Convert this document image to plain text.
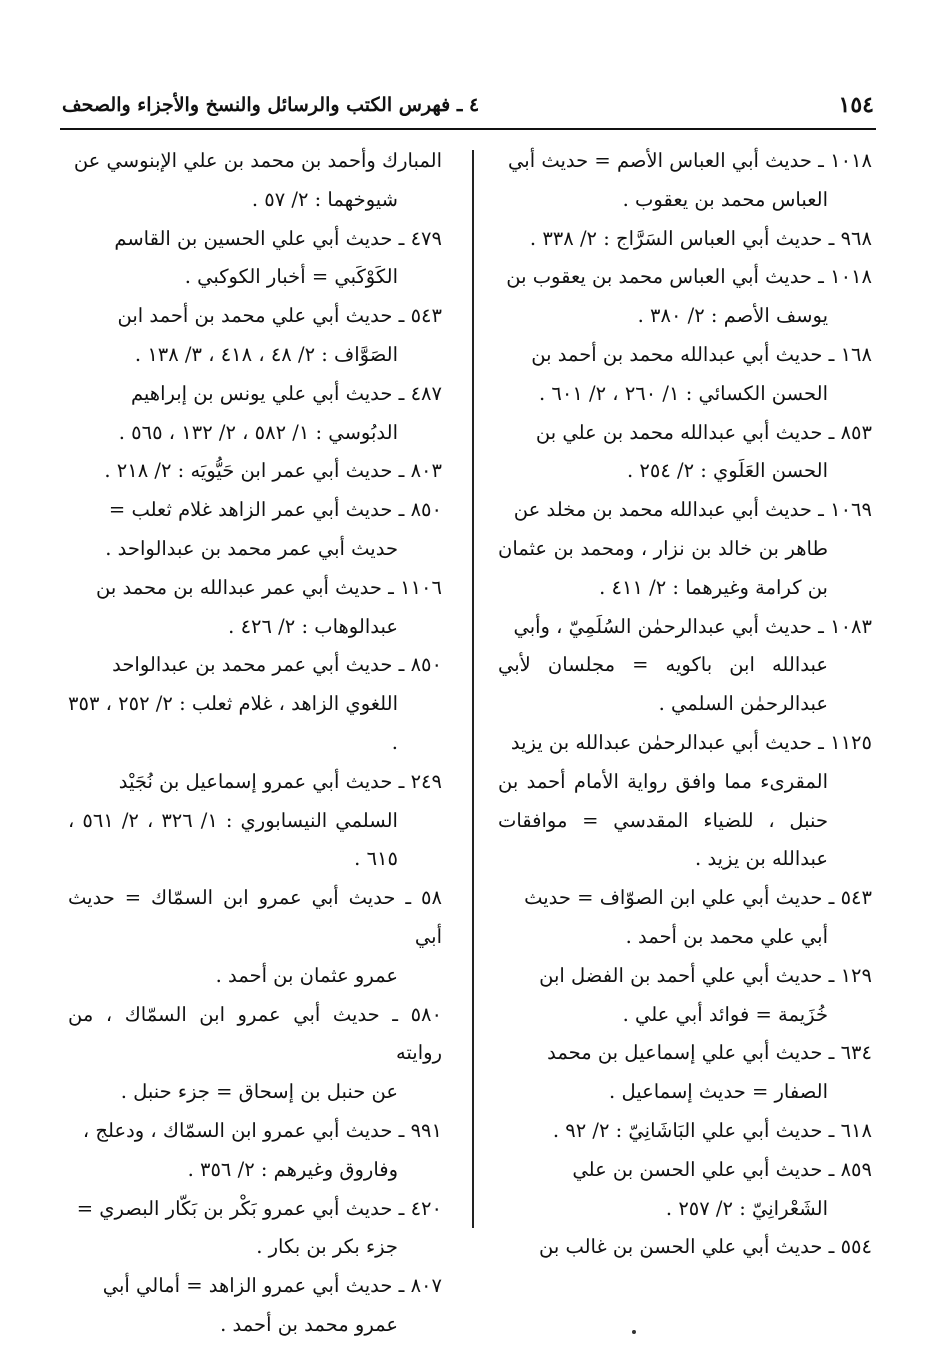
١٥٤
٤ ـ فهرس الكتب والرسائل والنسخ والأجزاء والصحف
١٠١٨ ـ حديث أبي العباس الأصم = حديث أبي
العباس محمد بن يعقوب .
٩٦٨ ـ حديث أبي العباس السَرَّاج : ٢/ ٣٣٨ .
١٠١٨ ـ حديث أبي العباس محمد بن يعقوب بن
يوسف الأصم : ٢/ ٣٨٠ .
١٦٨ ـ حديث أبي عبدالله محمد بن أحمد بن
الحسن الكسائي : ١/ ٢٦٠ ، ٢/ ٦٠١ .
٨٥٣ ـ حديث أبي عبدالله محمد بن علي بن
الحسن العَلَوي : ٢/ ٢٥٤ .
١٠٦٩ ـ حديث أبي عبدالله محمد بن مخلد عن
طاهر بن خالد بن نزار ، ومحمد بن عثمان بن كرامة وغيرهما : ٢/ ٤١١ .
١٠٨٣ ـ حديث أبي عبدالرحمٰن السُلَمِيّ ، وأبي
عبدالله ابن باكويه = مجلسان لأبي عبدالرحمٰن السلمي .
١١٢٥ ـ حديث أبي عبدالرحمٰن عبدالله بن يزيد
المقرىء مما وافق رواية الأمام أحمد بن حنبل ، للضياء المقدسي = موافقات عبدالله بن يزيد .
٥٤٣ ـ حديث أبي علي ابن الصوّاف = حديث
أبي علي محمد بن أحمد .
١٢٩ ـ حديث أبي علي أحمد بن الفضل ابن
خُزَيمة = فوائد أبي علي .
٦٣٤ ـ حديث أبي علي إسماعيل بن محمد
الصفار = حديث إسماعيل .
٦١٨ ـ حديث أبي علي البَاشَانِيّ : ٢/ ٩٢ .
٨٥٩ ـ حديث أبي علي الحسن بن علي
الشَعْرانِيّ : ٢/ ٢٥٧ .
٥٥٤ ـ حديث أبي علي الحسن بن غالب بن
المبارك وأحمد بن محمد بن علي الإبنوسي عن
شيوخهما : ٢/ ٥٧ .
٤٧٩ ـ حديث أبي علي الحسين بن القاسم
الكَوْكَبي = أخبار الكوكبي .
٥٤٣ ـ حديث أبي علي محمد بن أحمد ابن
الصَوَّاف : ٢/ ٤٨ ، ٤١٨ ، ٣/ ١٣٨ .
٤٨٧ ـ حديث أبي علي يونس بن إبراهيم
الدبُوسي : ١/ ٥٨٢ ، ٢/ ١٣٢ ، ٥٦٥ .
٨٠٣ ـ حديث أبي عمر ابن حَيُّويَه : ٢/ ٢١٨ .
٨٥٠ ـ حديث أبي عمر الزاهد غلام ثعلب =
حديث أبي عمر محمد بن عبدالواحد .
١١٠٦ ـ حديث أبي عمر عبدالله بن محمد بن
عبدالوهاب : ٢/ ٤٢٦ .
٨٥٠ ـ حديث أبي عمر محمد بن عبدالواحد
اللغوي الزاهد ، غلام ثعلب : ٢/ ٢٥٢ ، ٣٥٣ .
٢٤٩ ـ حديث أبي عمرو إسماعيل بن نُجَيْد
السلمي النيسابوري : ١/ ٣٢٦ ، ٢/ ٥٦١ ، ٦١٥ .
٥٨ ـ حديث أبي عمرو ابن السمّاك = حديث أبي
عمرو عثمان بن أحمد .
٥٨٠ ـ حديث أبي عمرو ابن السمّاك ، من روايته
عن حنبل بن إسحاق = جزء حنبل .
٩٩١ ـ حديث أبي عمرو ابن السمّاك ، ودعلج ،
وفاروق وغيرهم : ٢/ ٣٥٦ .
٤٢٠ ـ حديث أبي عمرو بَكْر بن بَكّار البصري =
جزء بكر بن بكار .
٨٠٧ ـ حديث أبي عمرو الزاهد = أمالي أبي
عمرو محمد بن أحمد .
